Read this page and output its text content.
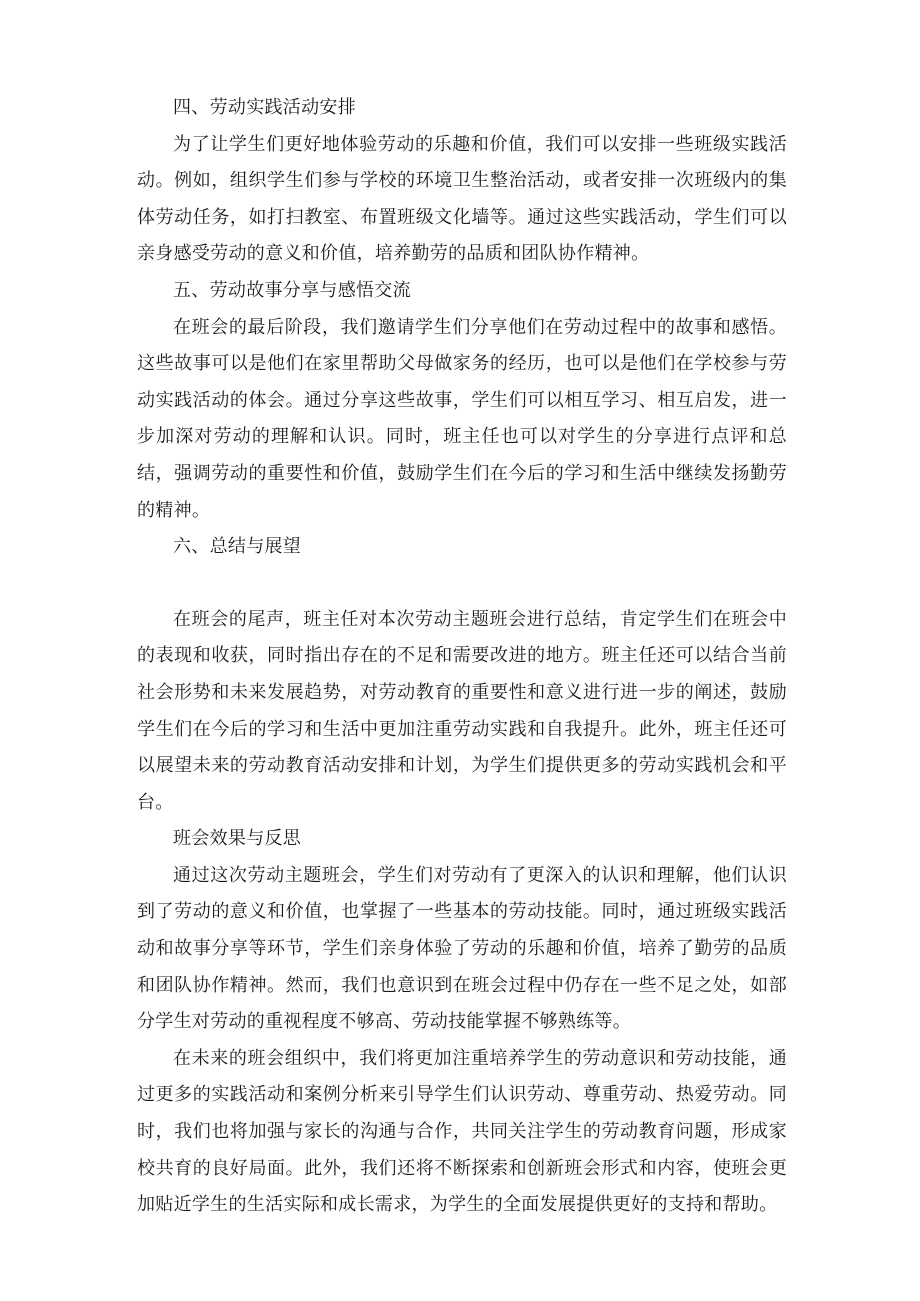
四、劳动实践活动安排

为了让学生们更好地体验劳动的乐趣和价值，我们可以安排一些班级实践活动。例如，组织学生们参与学校的环境卫生整治活动，或者安排一次班级内的集体劳动任务，如打扫教室、布置班级文化墙等。通过这些实践活动，学生们可以亲身感受劳动的意义和价值，培养勤劳的品质和团队协作精神。

五、劳动故事分享与感悟交流

在班会的最后阶段，我们邀请学生们分享他们在劳动过程中的故事和感悟。这些故事可以是他们在家里帮助父母做家务的经历，也可以是他们在学校参与劳动实践活动的体会。通过分享这些故事，学生们可以相互学习、相互启发，进一步加深对劳动的理解和认识。同时，班主任也可以对学生的分享进行点评和总结，强调劳动的重要性和价值，鼓励学生们在今后的学习和生活中继续发扬勤劳的精神。

六、总结与展望

在班会的尾声，班主任对本次劳动主题班会进行总结，肯定学生们在班会中的表现和收获，同时指出存在的不足和需要改进的地方。班主任还可以结合当前社会形势和未来发展趋势，对劳动教育的重要性和意义进行进一步的阐述，鼓励学生们在今后的学习和生活中更加注重劳动实践和自我提升。此外，班主任还可以展望未来的劳动教育活动安排和计划，为学生们提供更多的劳动实践机会和平台。

班会效果与反思

通过这次劳动主题班会，学生们对劳动有了更深入的认识和理解，他们认识到了劳动的意义和价值，也掌握了一些基本的劳动技能。同时，通过班级实践活动和故事分享等环节，学生们亲身体验了劳动的乐趣和价值，培养了勤劳的品质和团队协作精神。然而，我们也意识到在班会过程中仍存在一些不足之处，如部分学生对劳动的重视程度不够高、劳动技能掌握不够熟练等。

在未来的班会组织中，我们将更加注重培养学生的劳动意识和劳动技能，通过更多的实践活动和案例分析来引导学生们认识劳动、尊重劳动、热爱劳动。同时，我们也将加强与家长的沟通与合作，共同关注学生的劳动教育问题，形成家校共育的良好局面。此外，我们还将不断探索和创新班会形式和内容，使班会更加贴近学生的生活实际和成长需求，为学生的全面发展提供更好的支持和帮助。
